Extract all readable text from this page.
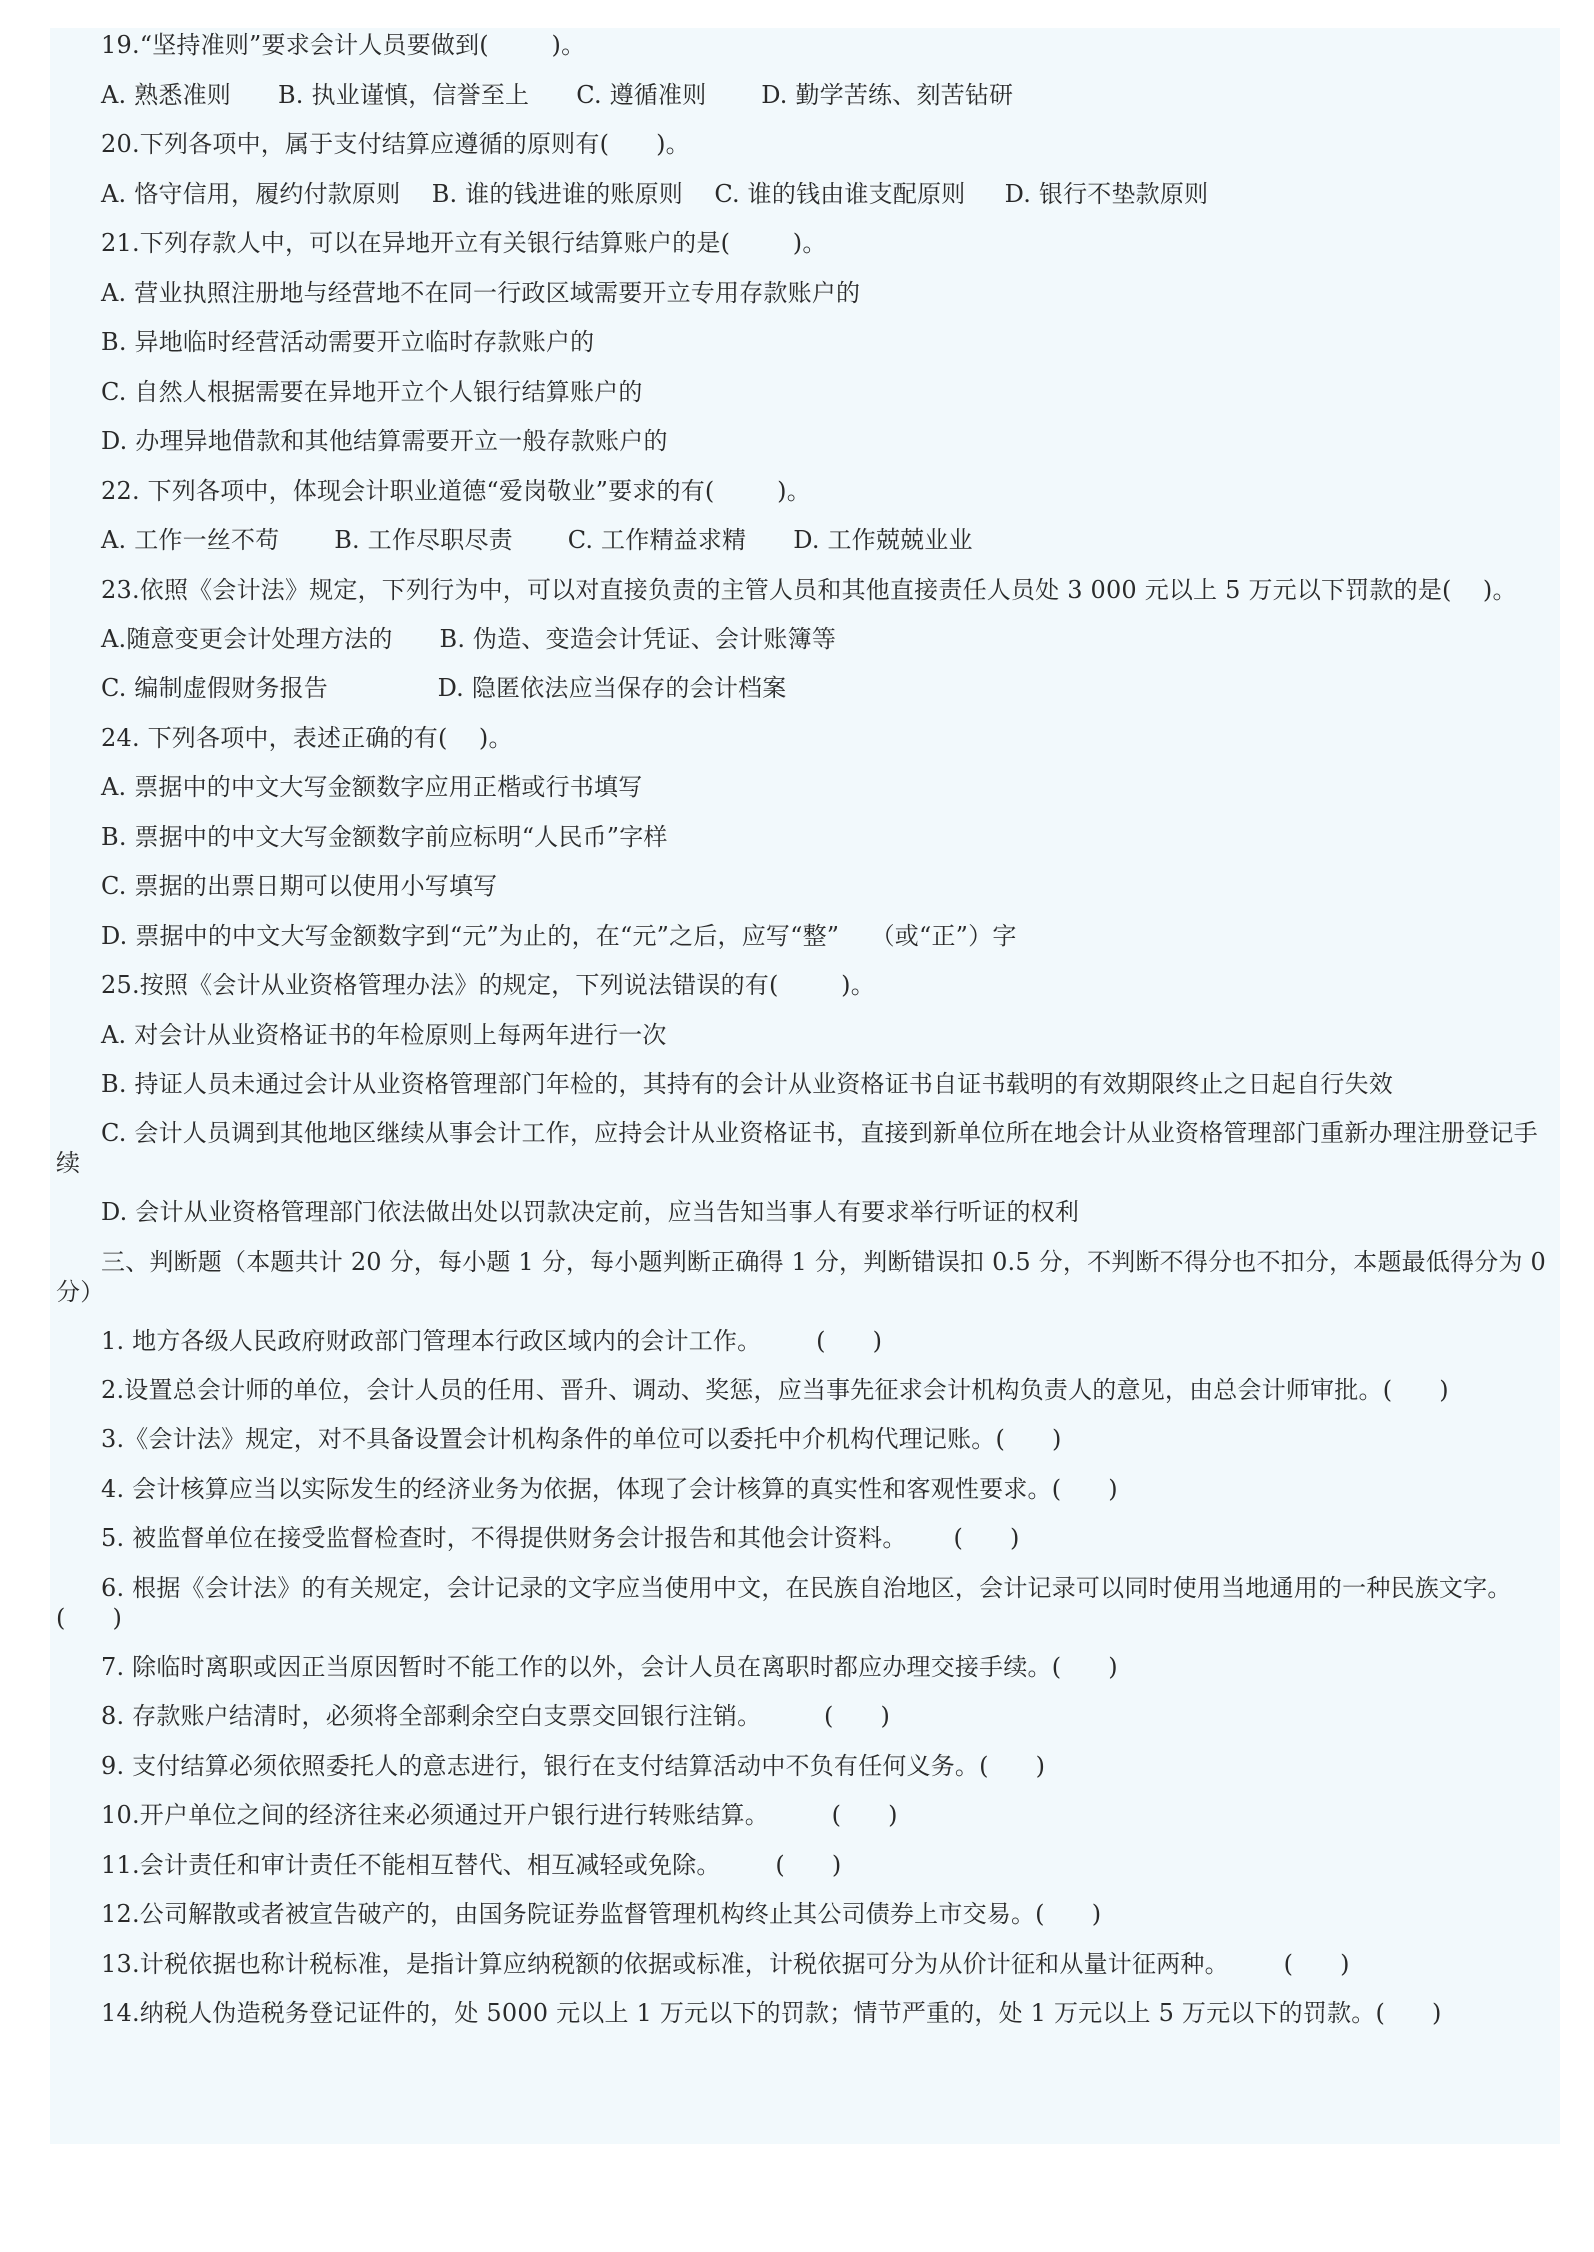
19.“坚持准则”要求会计人员要做到(        )。
A. 熟悉准则      B. 执业谨慎，信誉至上      C. 遵循准则       D. 勤学苦练、刻苦钻研
20.下列各项中，属于支付结算应遵循的原则有(      )。
A. 恪守信用，履约付款原则    B. 谁的钱进谁的账原则    C. 谁的钱由谁支配原则     D. 银行不垫款原则
21.下列存款人中，可以在异地开立有关银行结算账户的是(        )。
A. 营业执照注册地与经营地不在同一行政区域需要开立专用存款账户的
B. 异地临时经营活动需要开立临时存款账户的
C. 自然人根据需要在异地开立个人银行结算账户的
D. 办理异地借款和其他结算需要开立一般存款账户的
22. 下列各项中，体现会计职业道德“爱岗敬业”要求的有(        )。
A. 工作一丝不苟       B. 工作尽职尽责       C. 工作精益求精      D. 工作兢兢业业
23.依照《会计法》规定，下列行为中，可以对直接负责的主管人员和其他直接责任人员处 3 000 元以上 5 万元以下罚款的是(    )。
A.随意变更会计处理方法的      B. 伪造、变造会计凭证、会计账簿等
C. 编制虚假财务报告              D. 隐匿依法应当保存的会计档案
24. 下列各项中，表述正确的有(    )。
A. 票据中的中文大写金额数字应用正楷或行书填写
B. 票据中的中文大写金额数字前应标明“人民币”字样
C. 票据的出票日期可以使用小写填写
D. 票据中的中文大写金额数字到“元”为止的，在“元”之后，应写“整”    （或“正”）字
25.按照《会计从业资格管理办法》的规定，下列说法错误的有(        )。
A. 对会计从业资格证书的年检原则上每两年进行一次
B. 持证人员未通过会计从业资格管理部门年检的，其持有的会计从业资格证书自证书载明的有效期限终止之日起自行失效
C. 会计人员调到其他地区继续从事会计工作，应持会计从业资格证书，直接到新单位所在地会计从业资格管理部门重新办理注册登记手续
D. 会计从业资格管理部门依法做出处以罚款决定前，应当告知当事人有要求举行听证的权利
三、判断题（本题共计 20 分，每小题 1 分，每小题判断正确得 1 分，判断错误扣 0.5 分，不判断不得分也不扣分，本题最低得分为 0 分）
1. 地方各级人民政府财政部门管理本行政区域内的会计工作。       (      )
2.设置总会计师的单位，会计人员的任用、晋升、调动、奖惩，应当事先征求会计机构负责人的意见，由总会计师审批。(      )
3.《会计法》规定，对不具备设置会计机构条件的单位可以委托中介机构代理记账。(      )
4. 会计核算应当以实际发生的经济业务为依据，体现了会计核算的真实性和客观性要求。(      )
5. 被监督单位在接受监督检查时，不得提供财务会计报告和其他会计资料。      (      )
6. 根据《会计法》的有关规定，会计记录的文字应当使用中文，在民族自治地区，会计记录可以同时使用当地通用的一种民族文字。      (      )
7. 除临时离职或因正当原因暂时不能工作的以外，会计人员在离职时都应办理交接手续。(      )
8. 存款账户结清时，必须将全部剩余空白支票交回银行注销。        (      )
9. 支付结算必须依照委托人的意志进行，银行在支付结算活动中不负有任何义务。(      )
10.开户单位之间的经济往来必须通过开户银行进行转账结算。        (      )
11.会计责任和审计责任不能相互替代、相互减轻或免除。       (      )
12.公司解散或者被宣告破产的，由国务院证券监督管理机构终止其公司债券上市交易。(      )
13.计税依据也称计税标准，是指计算应纳税额的依据或标准，计税依据可分为从价计征和从量计征两种。       (      )
14.纳税人伪造税务登记证件的，处 5000 元以上 1 万元以下的罚款；情节严重的，处 1 万元以上 5 万元以下的罚款。(      )
